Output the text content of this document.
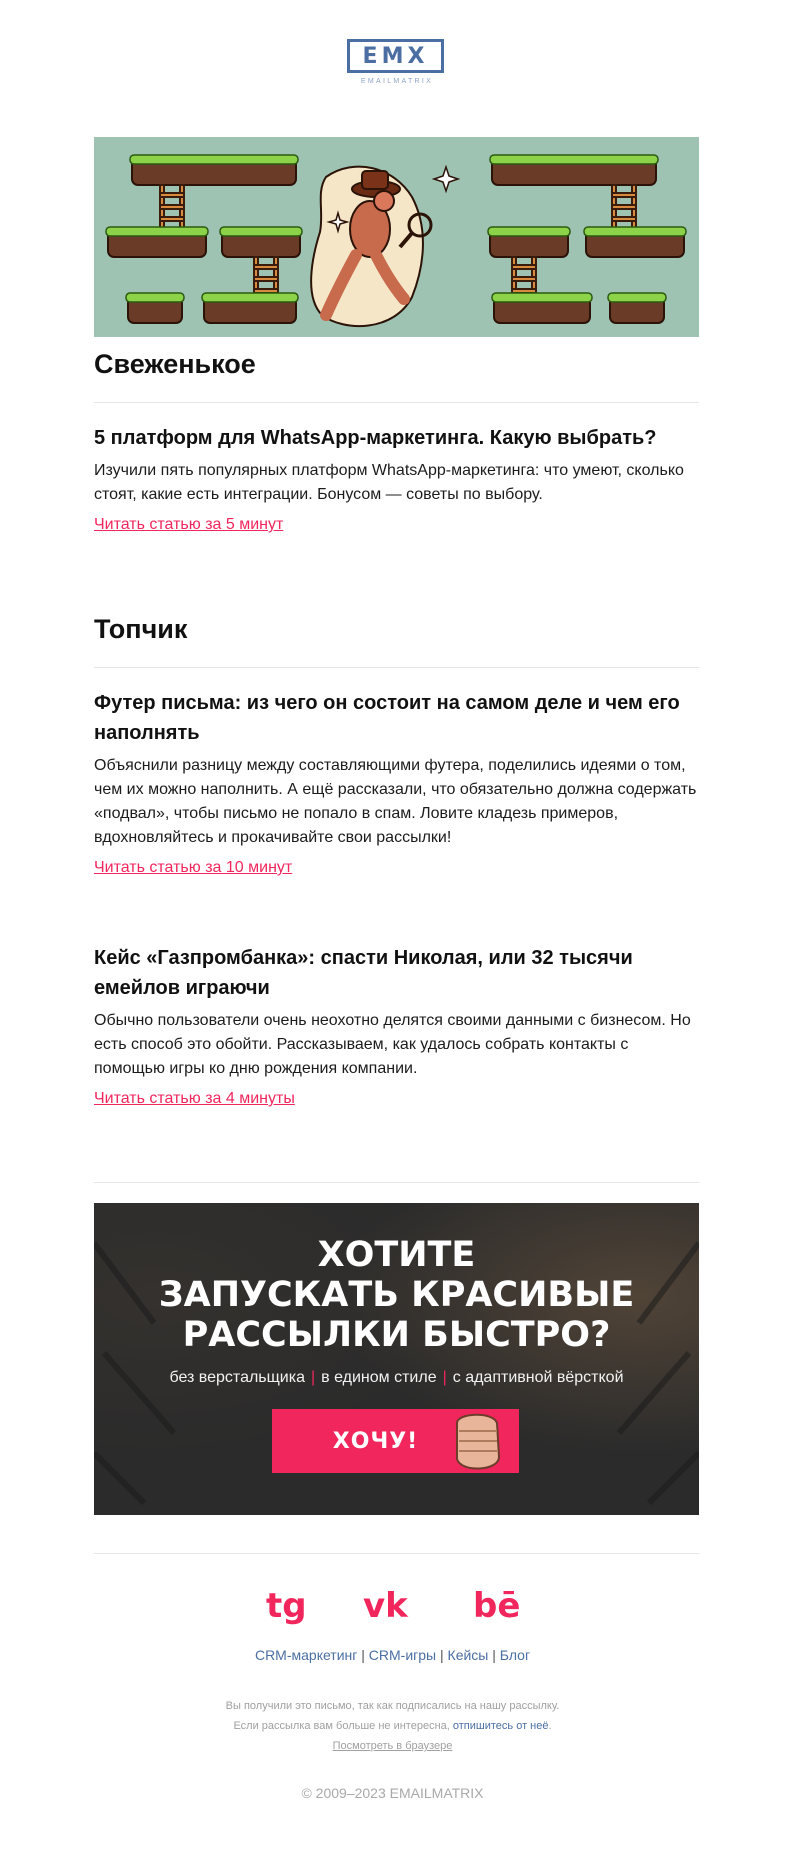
EMX
EMAILMATRIX
Свеженькое
5 платформ для WhatsApp-маркетинга. Какую выбрать?
Изучили пять популярных платформ WhatsApp-маркетинга: что умеют, сколько стоят, какие есть интеграции. Бонусом — советы по выбору.
Читать статью за 5 минут
Топчик
Футер письма: из чего он состоит на самом деле и чем его наполнять
Объяснили разницу между составляющими футера, поделились идеями о том, чем их можно наполнить. А ещё рассказали, что обязательно должна содержать «подвал», чтобы письмо не попало в спам. Ловите кладезь примеров, вдохновляйтесь и прокачивайте свои рассылки!
Читать статью за 10 минут
Кейс «Газпромбанка»: спасти Николая, или 32 тысячи емейлов играючи
Обычно пользователи очень неохотно делятся своими данными с бизнесом. Но есть способ это обойти. Рассказываем, как удалось собрать контакты с помощью игры ко дню рождения компании.
Читать статью за 4 минуты
ХОТИТЕ
ЗАПУСКАТЬ КРАСИВЫЕ
РАССЫЛКИ БЫСТРО?
без верстальщика | в едином стиле | с адаптивной вёрсткой
ХОЧУ!
tg vk bē
CRM-маркетинг | CRM-игры | Кейсы | Блог
Вы получили это письмо, так как подписались на нашу рассылку.
Если рассылка вам больше не интересна, отпишитесь от неё.
Посмотреть в браузере
© 2009–2023 EMAILMATRIX
